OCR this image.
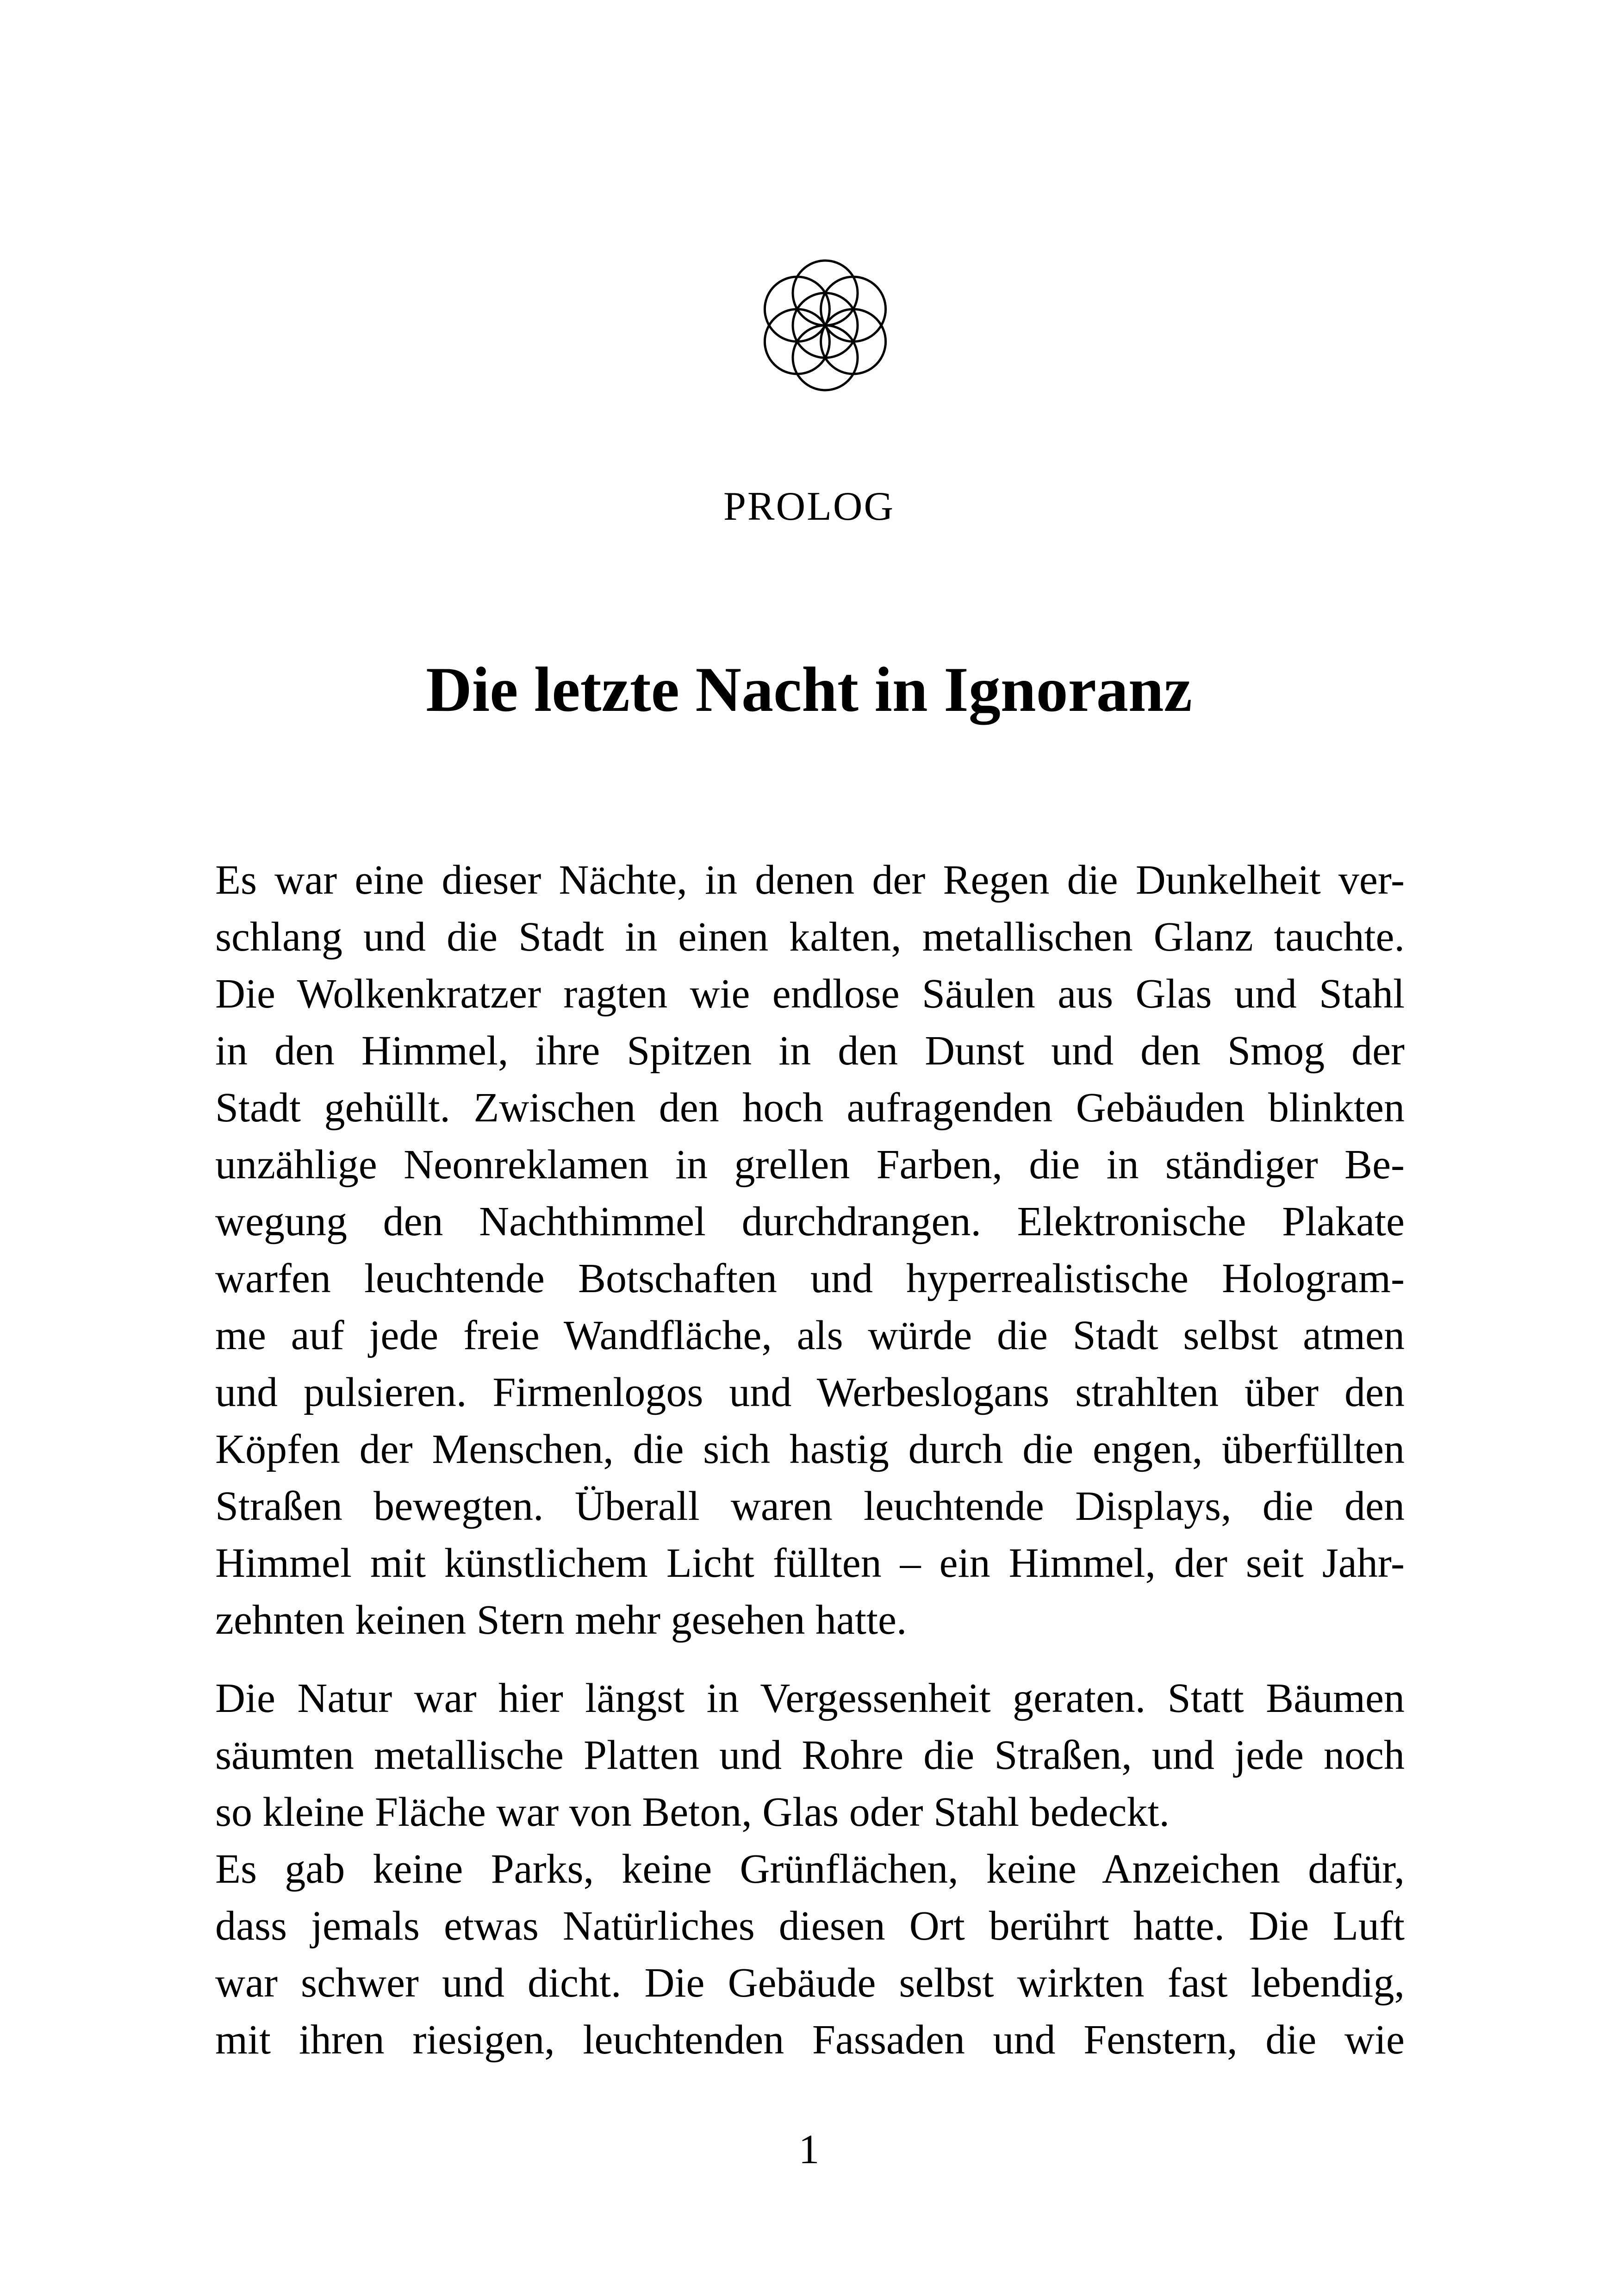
PROLOG
Die letzte Nacht in Ignoranz
Es war eine dieser Nächte, in denen der Regen die Dunkelheit ver-
schlang und die Stadt in einen kalten, metallischen Glanz tauchte.
Die Wolkenkratzer ragten wie endlose Säulen aus Glas und Stahl
in den Himmel, ihre Spitzen in den Dunst und den Smog der
Stadt gehüllt. Zwischen den hoch aufragenden Gebäuden blinkten
unzählige Neonreklamen in grellen Farben, die in ständiger Be-
wegung den Nachthimmel durchdrangen. Elektronische Plakate
warfen leuchtende Botschaften und hyperrealistische Hologram-
me auf jede freie Wandfläche, als würde die Stadt selbst atmen
und pulsieren. Firmenlogos und Werbeslogans strahlten über den
Köpfen der Menschen, die sich hastig durch die engen, überfüllten
Straßen bewegten. Überall waren leuchtende Displays, die den
Himmel mit künstlichem Licht füllten – ein Himmel, der seit Jahr-
zehnten keinen Stern mehr gesehen hatte.
Die Natur war hier längst in Vergessenheit geraten. Statt Bäumen
säumten metallische Platten und Rohre die Straßen, und jede noch
so kleine Fläche war von Beton, Glas oder Stahl bedeckt.
Es gab keine Parks, keine Grünflächen, keine Anzeichen dafür,
dass jemals etwas Natürliches diesen Ort berührt hatte. Die Luft
war schwer und dicht. Die Gebäude selbst wirkten fast lebendig,
mit ihren riesigen, leuchtenden Fassaden und Fenstern, die wie
1
